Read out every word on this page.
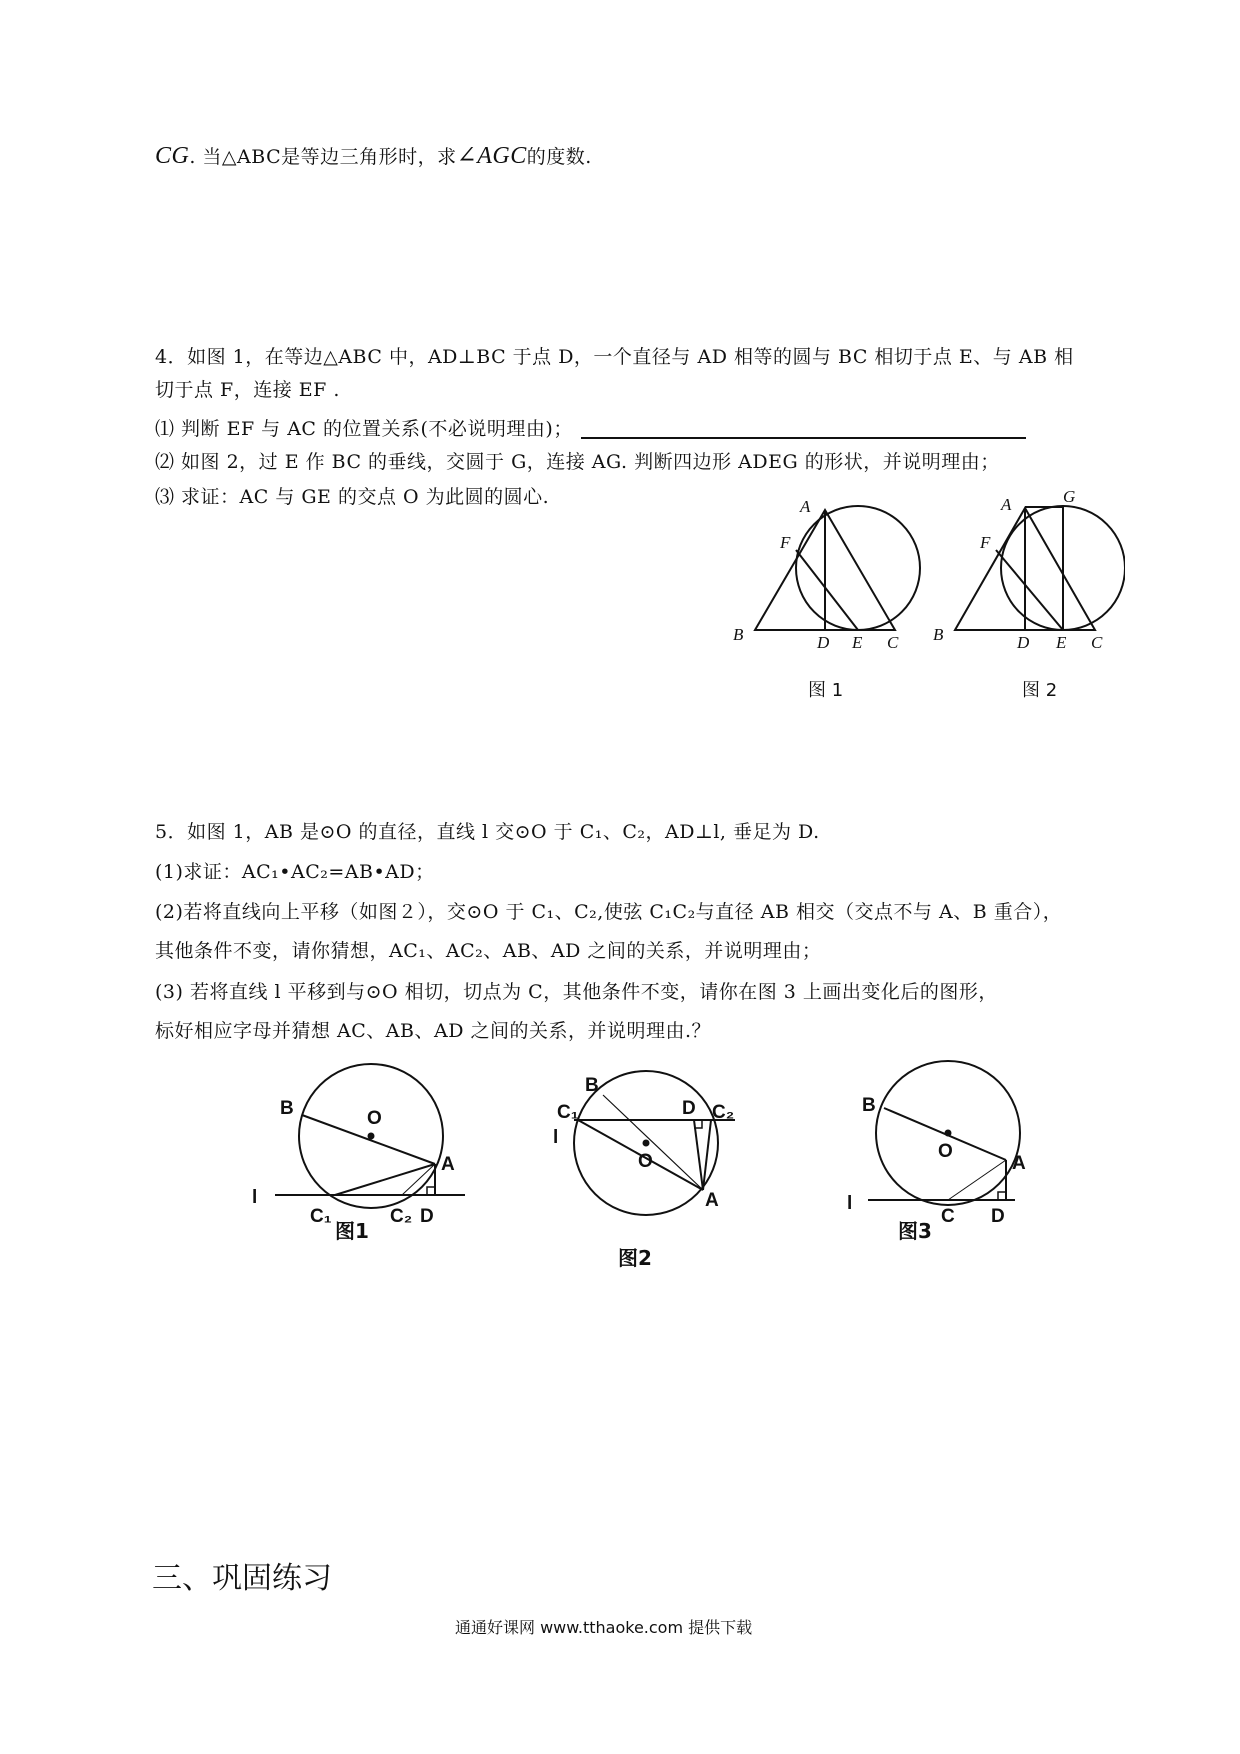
CG. 当△ABC是等边三角形时，求∠AGC的度数.
4．如图 1，在等边△ABC 中，AD⊥BC 于点 D，一个直径与 AD 相等的圆与 BC 相切于点 E、与 AB 相
切于点 F，连接 EF .
⑴ 判断 EF 与 AC 的位置关系(不必说明理由)；
⑵ 如图 2，过 E 作 BC 的垂线，交圆于 G，连接 AG. 判断四边形 ADEG 的形状，并说明理由；
⑶ 求证：AC 与 GE 的交点 O 为此圆的圆心.	A
F
B	D E C
A	G
F
B	D E C
图 1	图 2
5．如图 1，AB 是⊙O 的直径，直线 l 交⊙O 于 C₁、C₂，AD⊥l, 垂足为 D.
(1)求证：AC₁•AC₂=AB•AD；
(2)若将直线向上平移（如图２），交⊙O 于 C₁、C₂,使弦 C₁C₂与直径 AB 相交（交点不与 A、B 重合），
其他条件不变，请你猜想，AC₁、AC₂、AB、AD 之间的关系，并说明理由；
(3) 若将直线 l 平移到与⊙O 相切，切点为 C，其他条件不变，请你在图 3 上画出变化后的图形，
标好相应字母并猜想 AC、AB、AD 之间的关系，并说明理由.？
B	O
A
l
C₁	C₂ D
图1
B
C₁	D C₂
l
O
A
图2
B
O
A
l
C D
图3
三、巩固练习
通通好课网 www.tthaoke.com 提供下载
